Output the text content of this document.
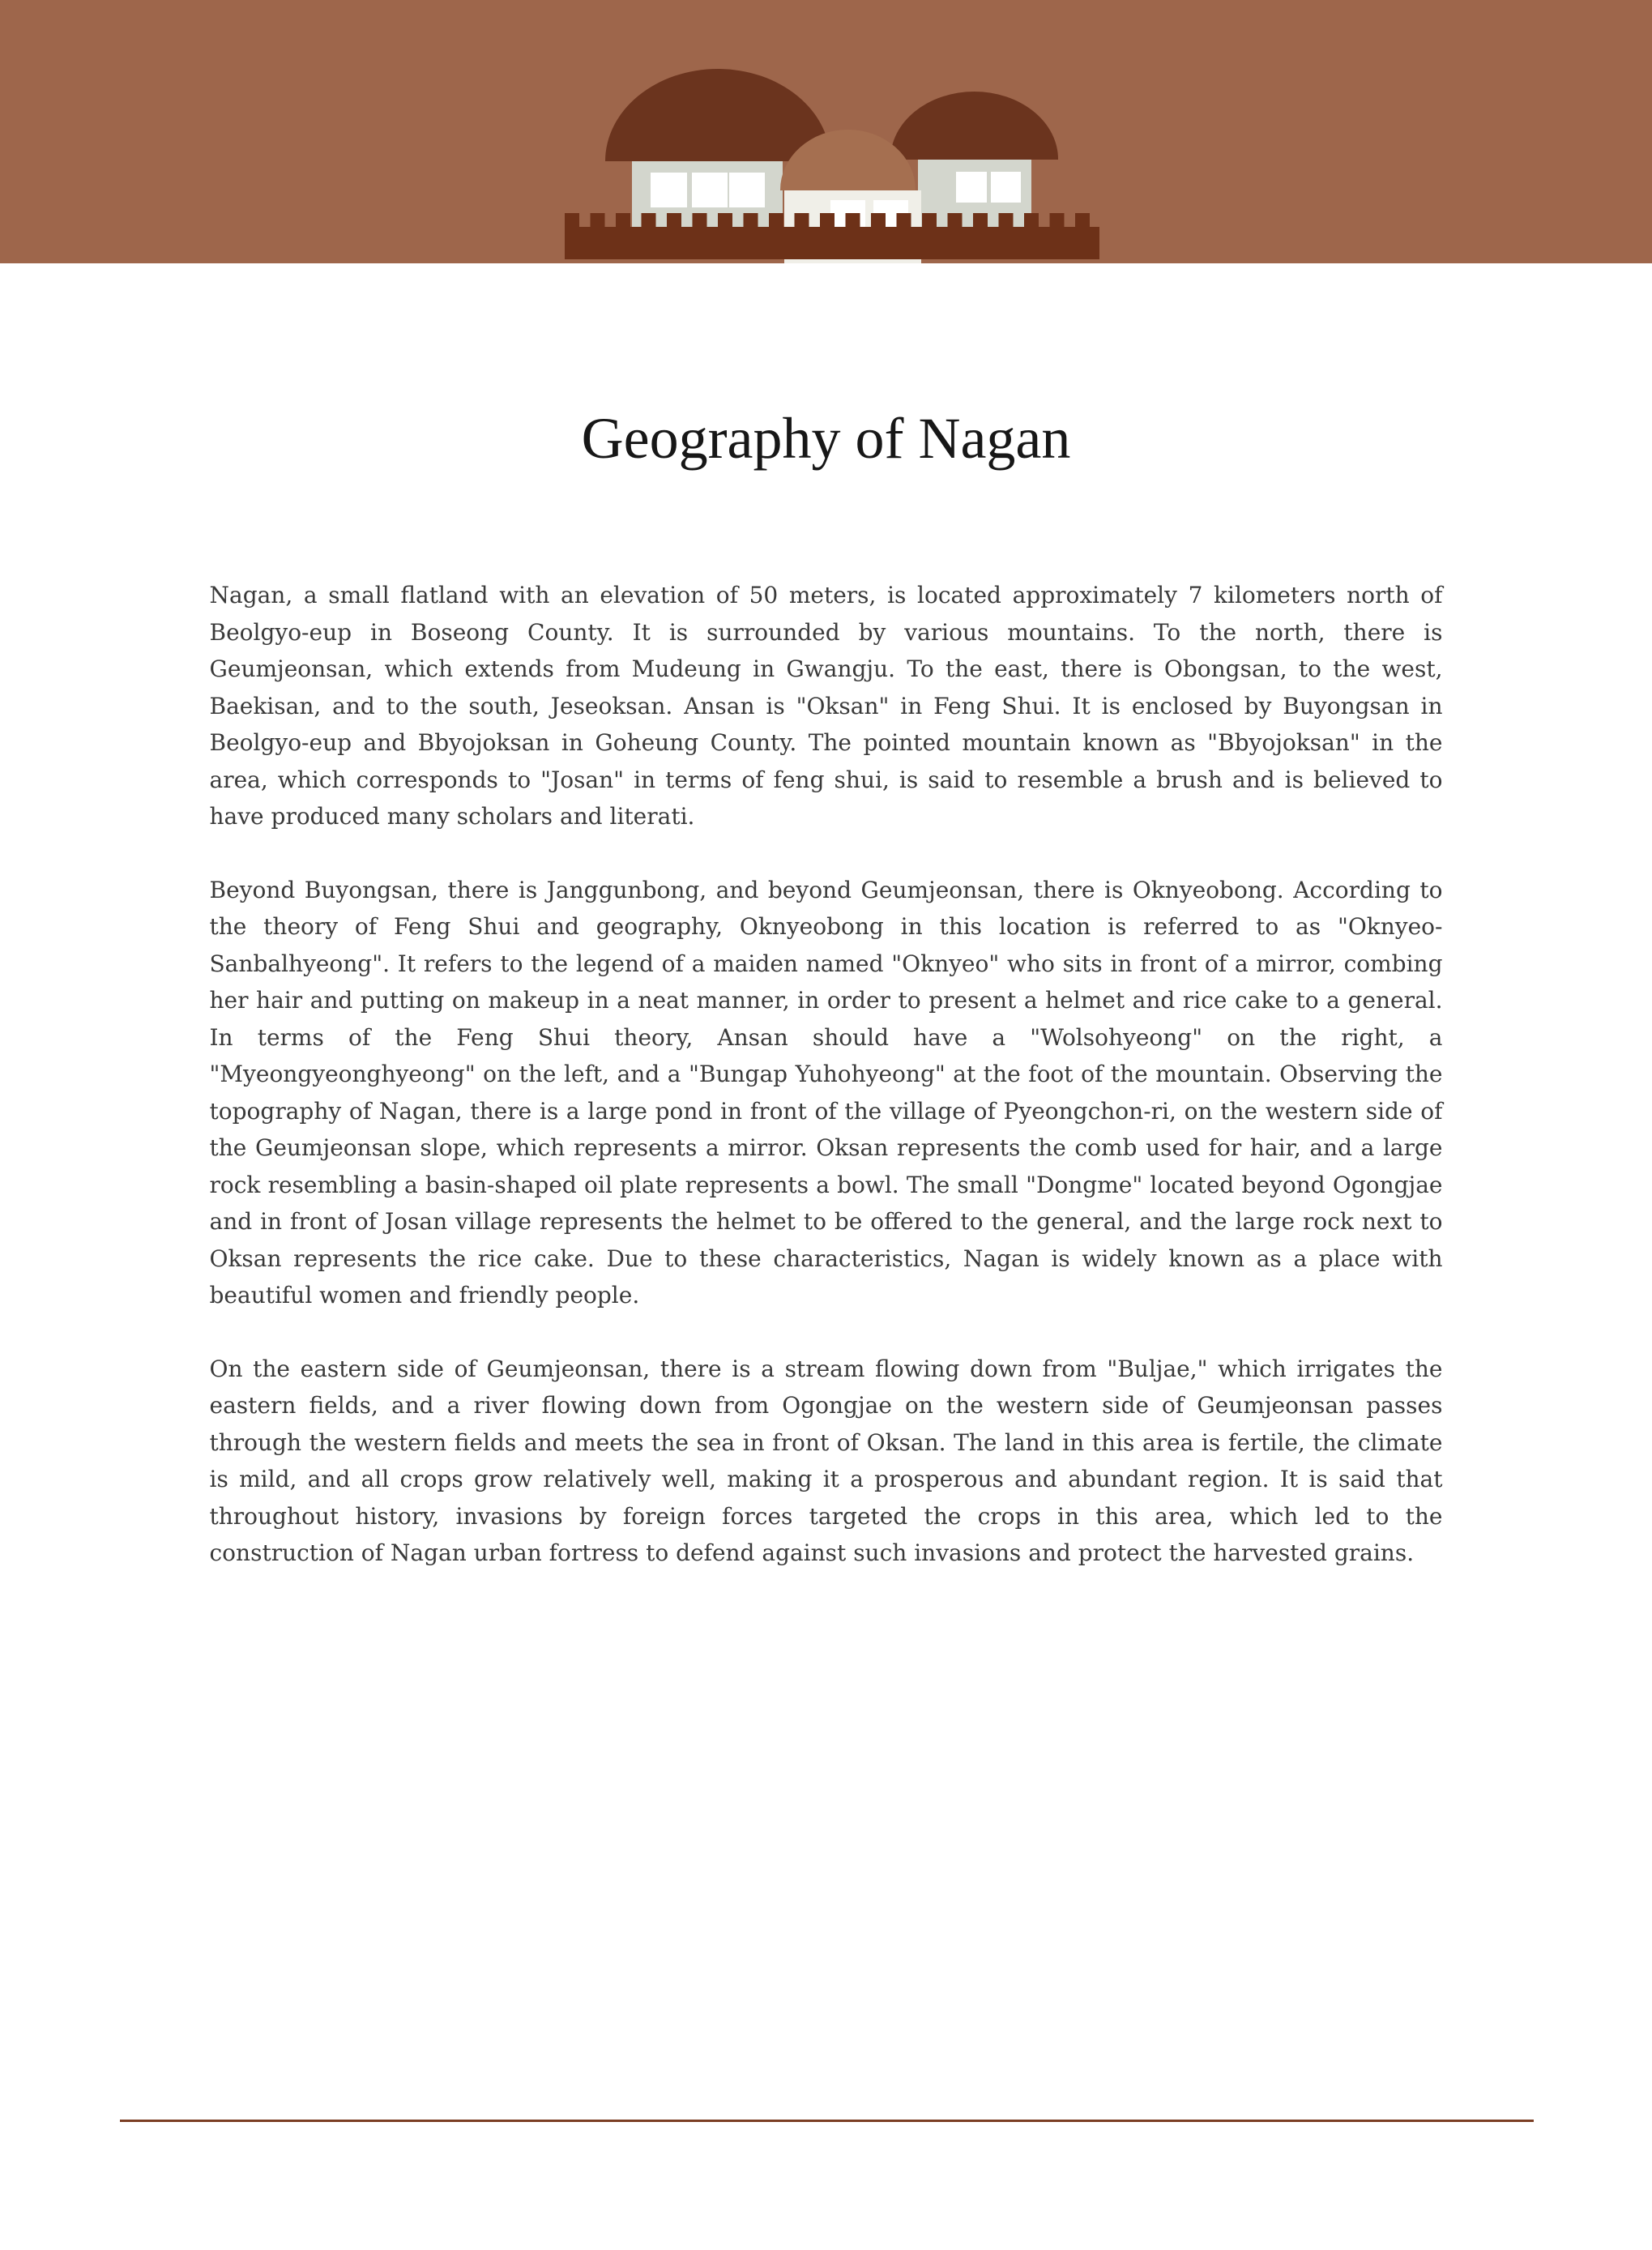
Geography of Nagan

Nagan, a small flatland with an elevation of 50 meters, is located approximately 7 kilometers north of Beolgyo-eup in Boseong County. It is surrounded by various mountains. To the north, there is Geumjeonsan, which extends from Mudeung in Gwangju. To the east, there is Obongsan, to the west, Baekisan, and to the south, Jeseoksan. Ansan is "Oksan" in Feng Shui. It is enclosed by Buyongsan in Beolgyo-eup and Bbyojoksan in Goheung County. The pointed mountain known as "Bbyojoksan" in the area, which corresponds to "Josan" in terms of feng shui, is said to resemble a brush and is believed to have produced many scholars and literati.

Beyond Buyongsan, there is Janggunbong, and beyond Geumjeonsan, there is Oknyeobong. According to the theory of Feng Shui and geography, Oknyeobong in this location is referred to as "Oknyeo-Sanbalhyeong". It refers to the legend of a maiden named "Oknyeo" who sits in front of a mirror, combing her hair and putting on makeup in a neat manner, in order to present a helmet and rice cake to a general. In terms of the Feng Shui theory, Ansan should have a "Wolsohyeong" on the right, a "Myeongyeonghyeong" on the left, and a "Bungap Yuhohyeong" at the foot of the mountain. Observing the topography of Nagan, there is a large pond in front of the village of Pyeongchon-ri, on the western side of the Geumjeonsan slope, which represents a mirror. Oksan represents the comb used for hair, and a large rock resembling a basin-shaped oil plate represents a bowl. The small "Dongme" located beyond Ogongjae and in front of Josan village represents the helmet to be offered to the general, and the large rock next to Oksan represents the rice cake. Due to these characteristics, Nagan is widely known as a place with beautiful women and friendly people.

On the eastern side of Geumjeonsan, there is a stream flowing down from "Buljae," which irrigates the eastern fields, and a river flowing down from Ogongjae on the western side of Geumjeonsan passes through the western fields and meets the sea in front of Oksan. The land in this area is fertile, the climate is mild, and all crops grow relatively well, making it a prosperous and abundant region. It is said that throughout history, invasions by foreign forces targeted the crops in this area, which led to the construction of Nagan urban fortress to defend against such invasions and protect the harvested grains.
